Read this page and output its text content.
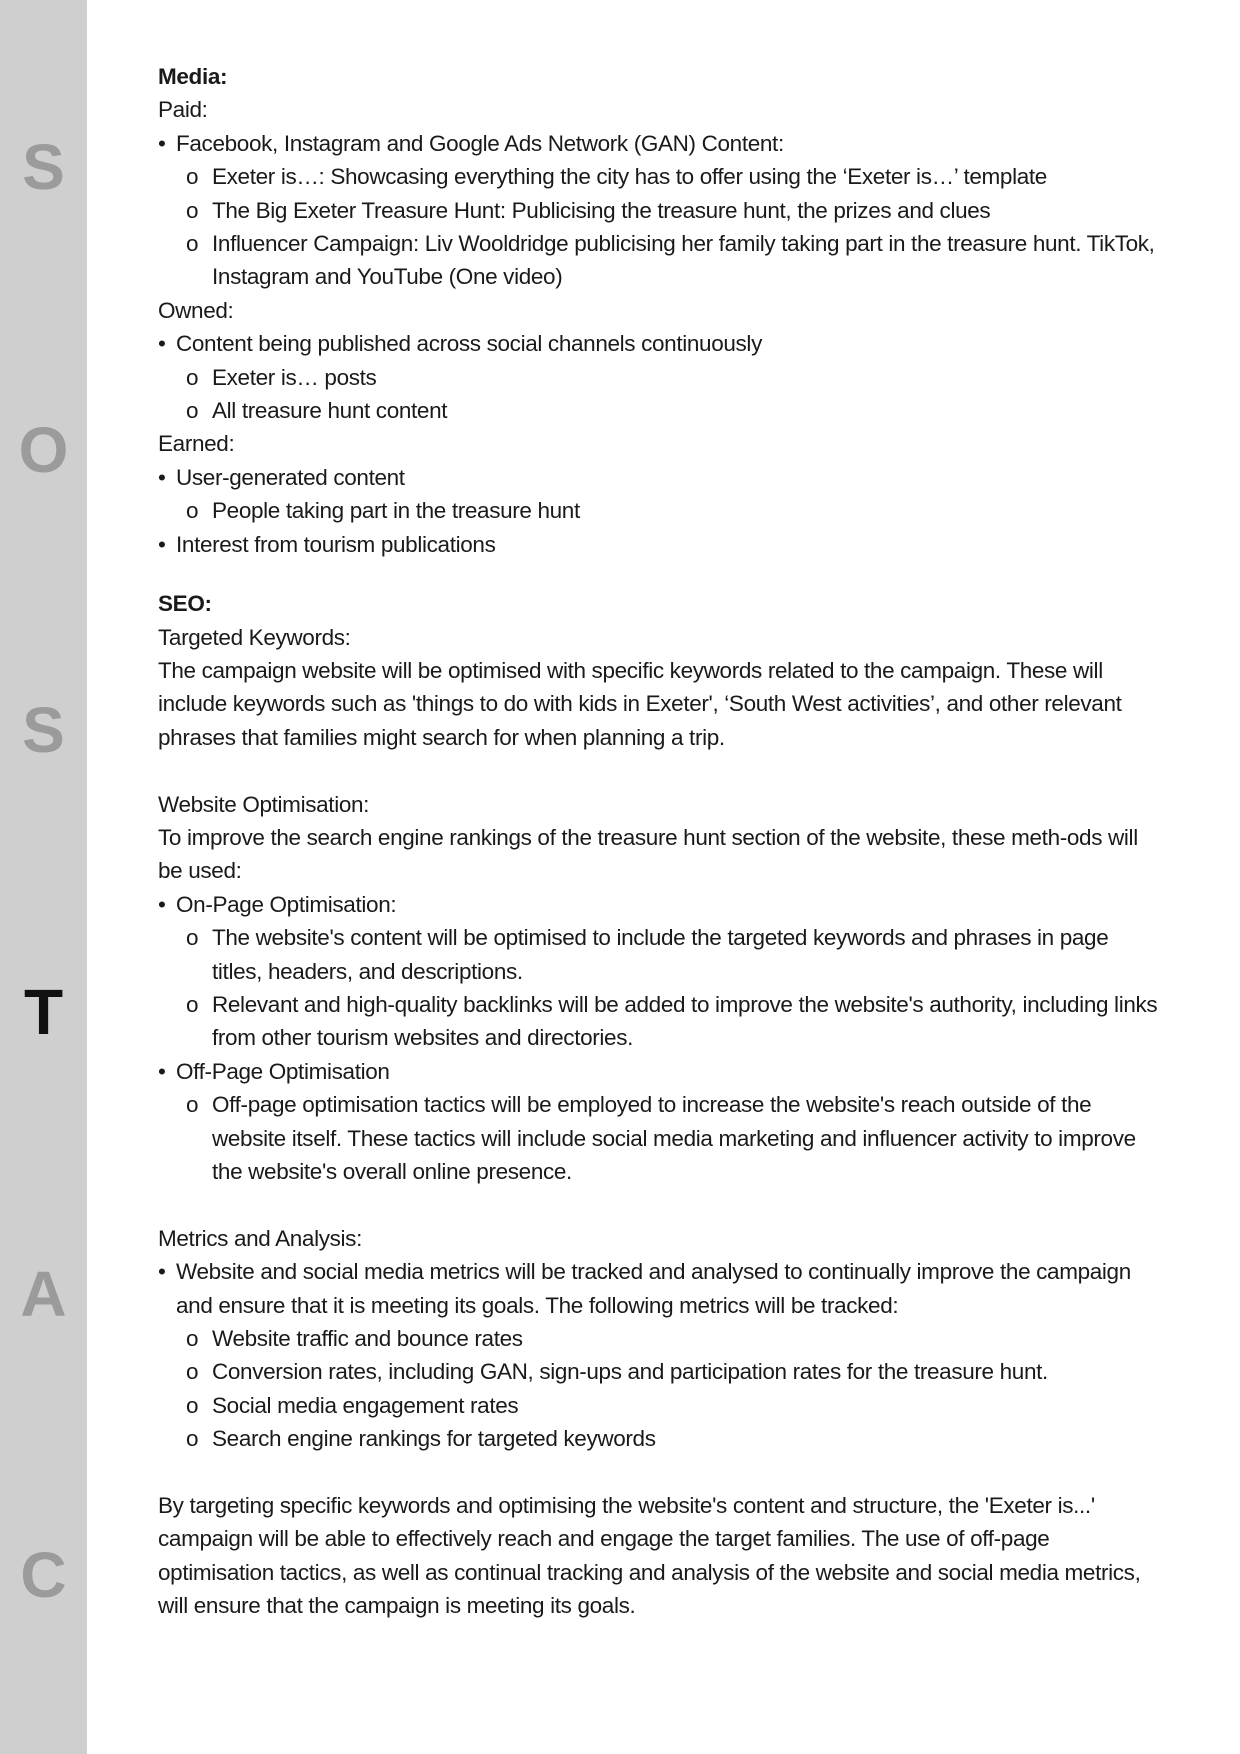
S
O
S
T
A
C

Media:

Paid:

• Facebook, Instagram and Google Ads Network (GAN) Content:

o Exeter is…: Showcasing everything the city has to offer using the ‘Exeter is…’ template

o The Big Exeter Treasure Hunt: Publicising the treasure hunt, the prizes and clues

o Influencer Campaign: Liv Wooldridge publicising her family taking part in the treasure hunt. TikTok, Instagram and YouTube (One video)

Owned:

• Content being published across social channels continuously

o Exeter is… posts

o All treasure hunt content

Earned:

• User-generated content

o People taking part in the treasure hunt

• Interest from tourism publications

SEO:

Targeted Keywords:

The campaign website will be optimised with specific keywords related to the campaign. These will include keywords such as 'things to do with kids in Exeter', ‘South West activities’, and other relevant phrases that families might search for when planning a trip.

Website Optimisation:

To improve the search engine rankings of the treasure hunt section of the website, these meth-ods will be used:

• On-Page Optimisation:

o The website's content will be optimised to include the targeted keywords and phrases in page titles, headers, and descriptions.

o Relevant and high-quality backlinks will be added to improve the website's authority, including links from other tourism websites and directories.

• Off-Page Optimisation

o Off-page optimisation tactics will be employed to increase the website's reach outside of the website itself. These tactics will include social media marketing and influencer activity to improve the website's overall online presence.

Metrics and Analysis:

• Website and social media metrics will be tracked and analysed to continually improve the campaign and ensure that it is meeting its goals. The following metrics will be tracked:

o Website traffic and bounce rates

o Conversion rates, including GAN, sign-ups and participation rates for the treasure hunt.

o Social media engagement rates

o Search engine rankings for targeted keywords

By targeting specific keywords and optimising the website's content and structure, the 'Exeter is...' campaign will be able to effectively reach and engage the target families. The use of off-page optimisation tactics, as well as continual tracking and analysis of the website and social media metrics, will ensure that the campaign is meeting its goals.
